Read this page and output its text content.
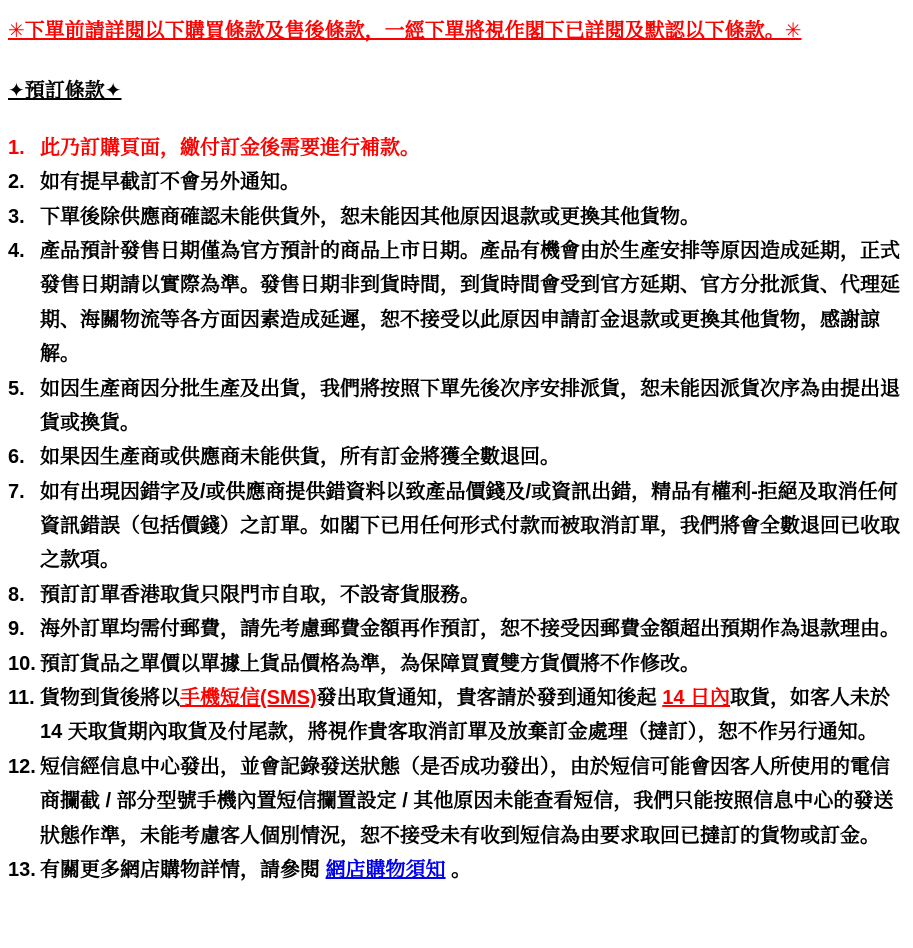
✳下單前請詳閱以下購買條款及售後條款，一經下單將視作閣下已詳閱及默認以下條款。✳
✦預訂條款✦
1. 此乃訂購頁面，繳付訂金後需要進行補款。
2. 如有提早截訂不會另外通知。
3. 下單後除供應商確認未能供貨外，恕未能因其他原因退款或更換其他貨物。
4. 產品預計發售日期僅為官方預計的商品上市日期。產品有機會由於生產安排等原因造成延期，正式發售日期請以實際為準。發售日期非到貨時間，到貨時間會受到官方延期、官方分批派貨、代理延期、海關物流等各方面因素造成延遲，恕不接受以此原因申請訂金退款或更換其他貨物，感謝諒解。
5. 如因生產商因分批生產及出貨，我們將按照下單先後次序安排派貨，恕未能因派貨次序為由提出退貨或換貨。
6. 如果因生產商或供應商未能供貨，所有訂金將獲全數退回。
7. 如有出現因錯字及/或供應商提供錯資料以致產品價錢及/或資訊出錯，精品有權利-拒絕及取消任何資訊錯誤（包括價錢）之訂單。如閣下已用任何形式付款而被取消訂單，我們將會全數退回已收取之款項。
8. 預訂訂單香港取貨只限門市自取，不設寄貨服務。
9. 海外訂單均需付郵費，請先考慮郵費金額再作預訂，恕不接受因郵費金額超出預期作為退款理由。
10. 預訂貨品之單價以單據上貨品價格為準，為保障買賣雙方貨價將不作修改。
11. 貨物到貨後將以手機短信(SMS)發出取貨通知，貴客請於發到通知後起 14 日內取貨，如客人未於14 天取貨期內取貨及付尾款，將視作貴客取消訂單及放棄訂金處理（撻訂），恕不作另行通知。
12. 短信經信息中心發出，並會記錄發送狀態（是否成功發出），由於短信可能會因客人所使用的電信商攔截 / 部分型號手機內置短信攔置設定 / 其他原因未能查看短信，我們只能按照信息中心的發送狀態作準，未能考慮客人個別情況，恕不接受未有收到短信為由要求取回已撻訂的貨物或訂金。
13. 有關更多網店購物詳情，請參閱 網店購物須知 。
